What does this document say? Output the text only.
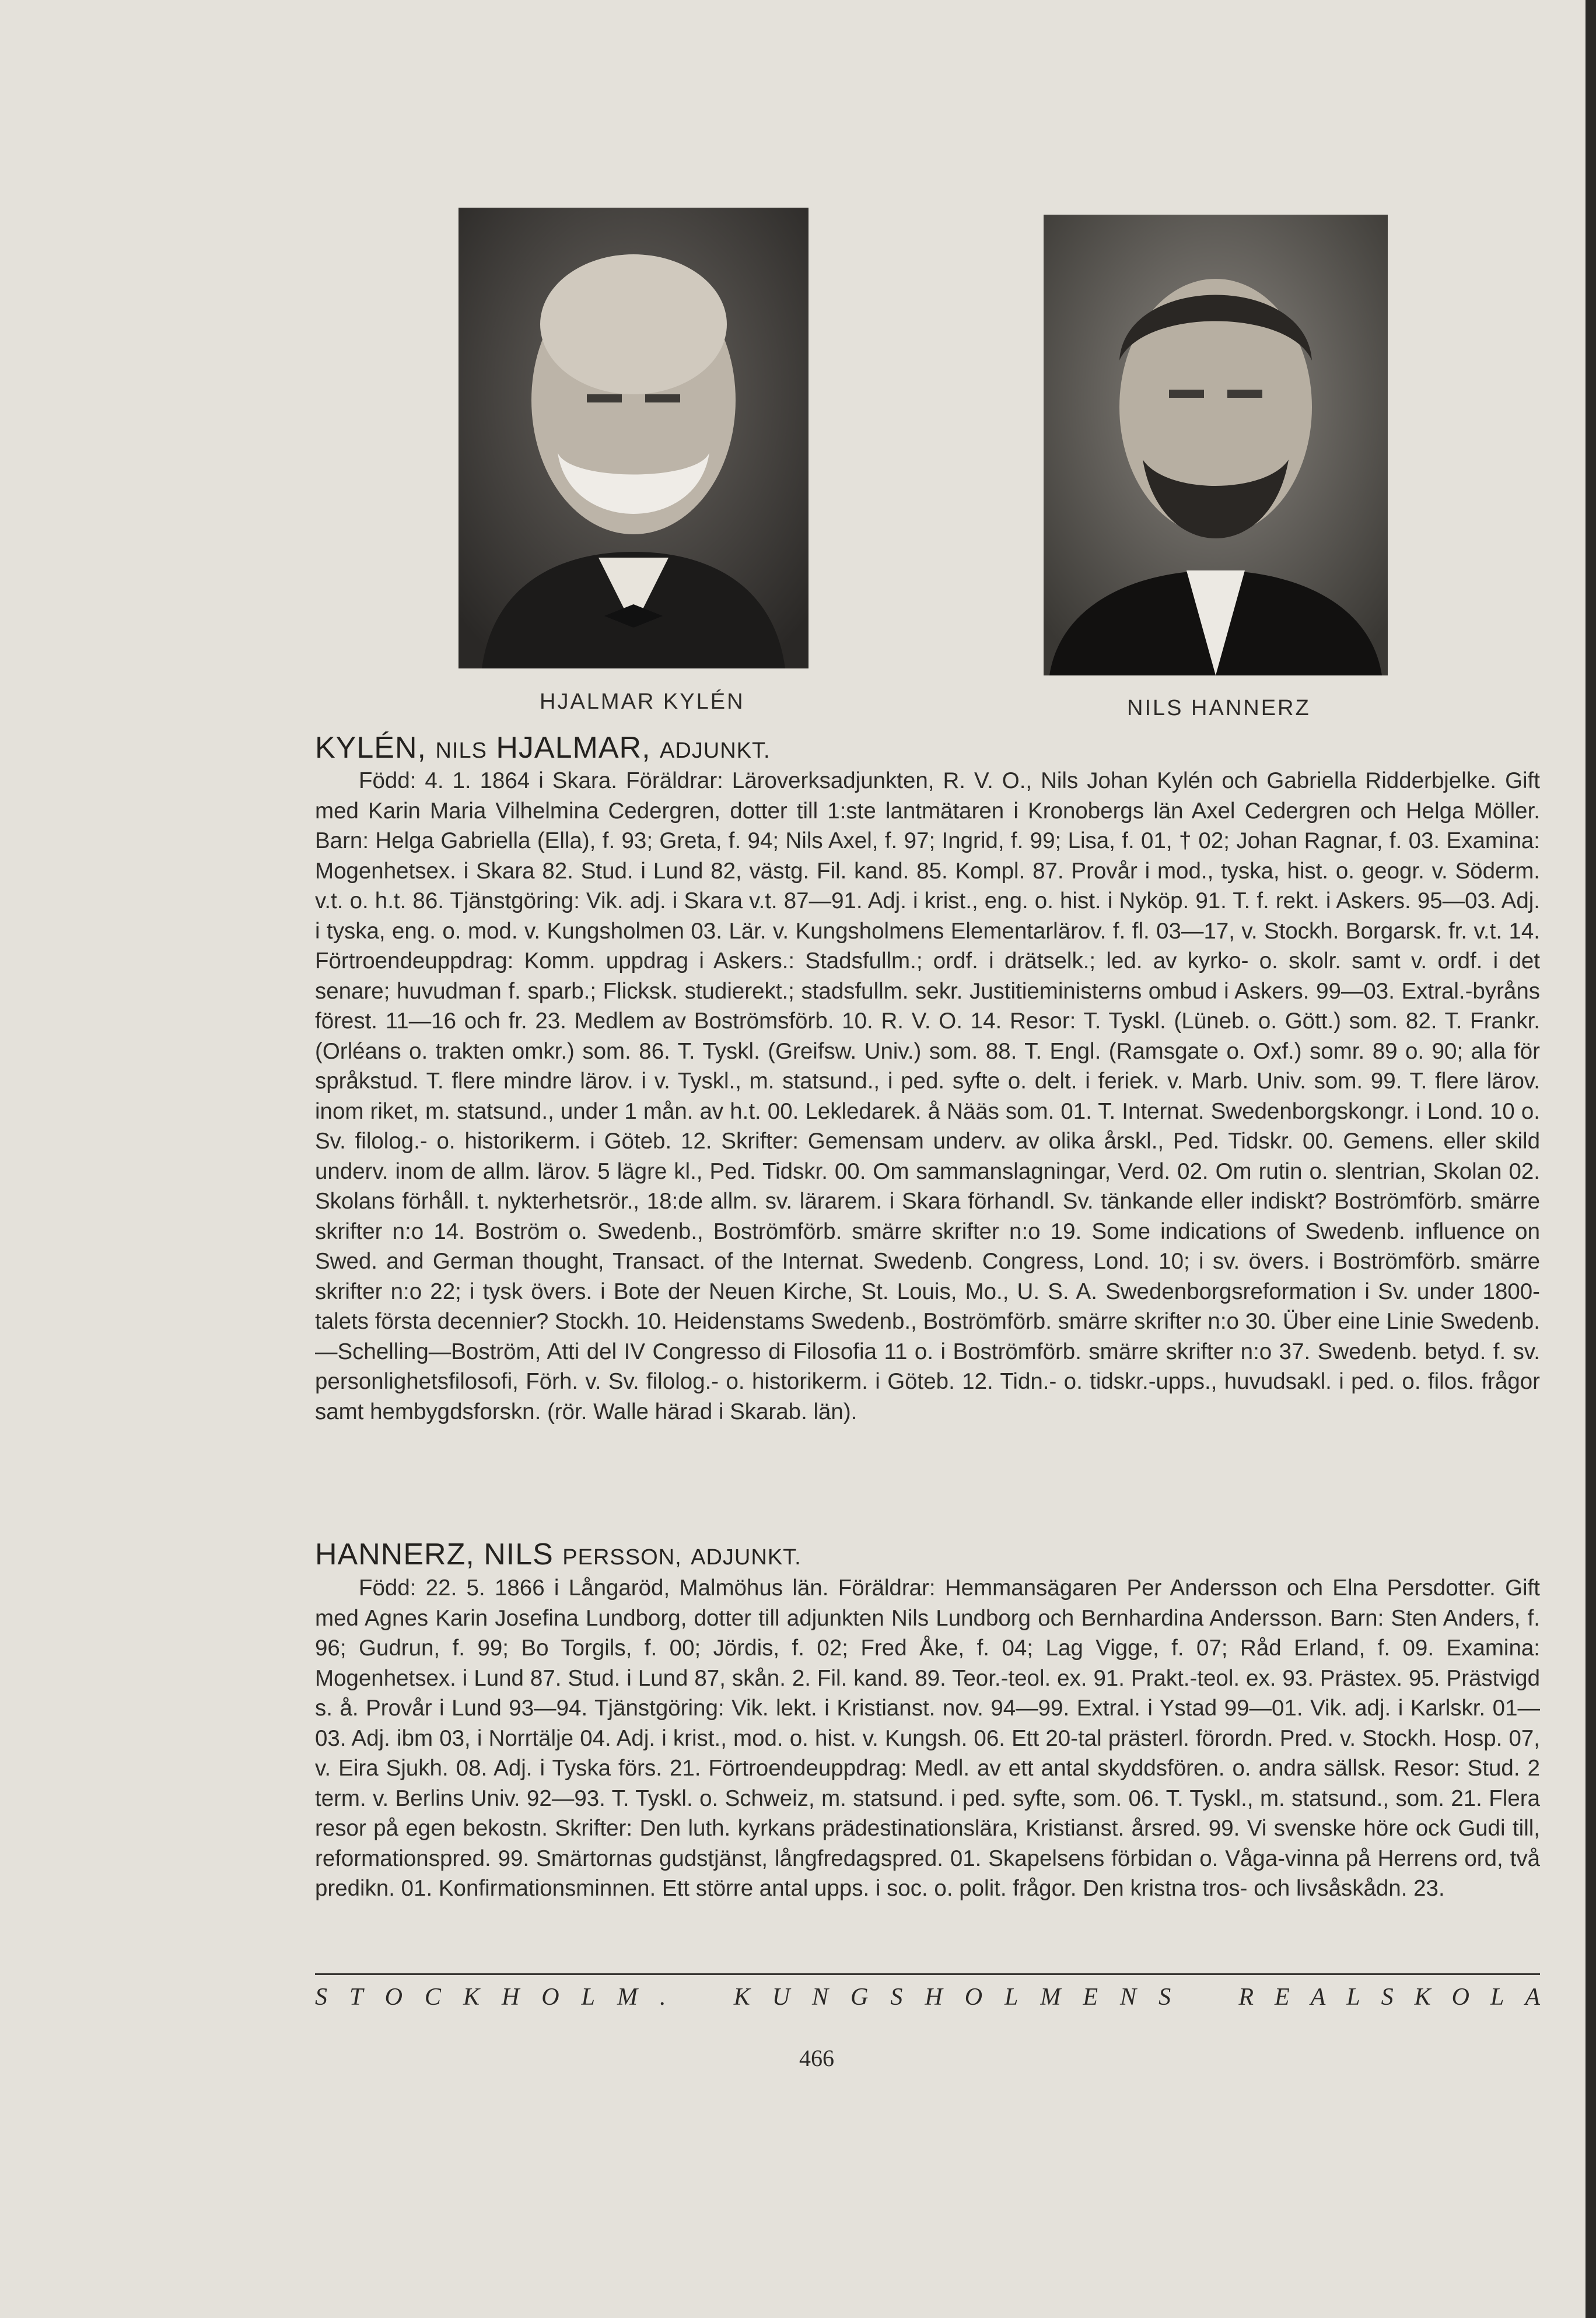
HJALMAR KYLÉN	NILS HANNERZ
KYLÉN, NILS HJALMAR, ADJUNKT.

Född: 4. 1. 1864 i Skara. Föräldrar: Läroverksadjunkten, R. V. O., Nils Johan Kylén och Gabriella Ridderbjelke. Gift med Karin Maria Vilhelmina Cedergren, dotter till 1:ste lantmätaren i Kronobergs län Axel Cedergren och Helga Möller. Barn: Helga Gabriella (Ella), f. 93; Greta, f. 94; Nils Axel, f. 97; Ingrid, f. 99; Lisa, f. 01, † 02; Johan Ragnar, f. 03. Examina: Mogenhetsex. i Skara 82. Stud. i Lund 82, västg. Fil. kand. 85. Kompl. 87. Provår i mod., tyska, hist. o. geogr. v. Söderm. v.t. o. h.t. 86. Tjänstgöring: Vik. adj. i Skara v.t. 87—91. Adj. i krist., eng. o. hist. i Nyköp. 91. T. f. rekt. i Askers. 95—03. Adj. i tyska, eng. o. mod. v. Kungsholmen 03. Lär. v. Kungsholmens Elementarlärov. f. fl. 03—17, v. Stockh. Borgarsk. fr. v.t. 14. Förtroendeuppdrag: Komm. uppdrag i Askers.: Stadsfullm.; ordf. i drätselk.; led. av kyrko- o. skolr. samt v. ordf. i det senare; huvudman f. sparb.; Flicksk. studierekt.; stadsfullm. sekr. Justitieministerns ombud i Askers. 99—03. Extral.-byråns förest. 11—16 och fr. 23. Medlem av Boströmsförb. 10. R. V. O. 14. Resor: T. Tyskl. (Lüneb. o. Gött.) som. 82. T. Frankr. (Orléans o. trakten omkr.) som. 86. T. Tyskl. (Greifsw. Univ.) som. 88. T. Engl. (Ramsgate o. Oxf.) somr. 89 o. 90; alla för språkstud. T. flere mindre lärov. i v. Tyskl., m. statsund., i ped. syfte o. delt. i feriek. v. Marb. Univ. som. 99. T. flere lärov. inom riket, m. statsund., under 1 mån. av h.t. 00. Lekledarek. å Nääs som. 01. T. Internat. Swedenborgskongr. i Lond. 10 o. Sv. filolog.- o. historikerm. i Göteb. 12. Skrifter: Gemensam underv. av olika årskl., Ped. Tidskr. 00. Gemens. eller skild underv. inom de allm. lärov. 5 lägre kl., Ped. Tidskr. 00. Om sammanslagningar, Verd. 02. Om rutin o. slentrian, Skolan 02. Skolans förhåll. t. nykterhetsrör., 18:de allm. sv. lärarem. i Skara förhandl. Sv. tänkande eller indiskt? Boströmförb. smärre skrifter n:o 14. Boström o. Swedenb., Boströmförb. smärre skrifter n:o 19. Some indications of Swedenb. influence on Swed. and German thought, Transact. of the Internat. Swedenb. Congress, Lond. 10; i sv. övers. i Boströmförb. smärre skrifter n:o 22; i tysk övers. i Bote der Neuen Kirche, St. Louis, Mo., U. S. A. Swedenborgsreformation i Sv. under 1800-talets första decennier? Stockh. 10. Heidenstams Swedenb., Boströmförb. smärre skrifter n:o 30. Über eine Linie Swedenb.—Schelling—Boström, Atti del IV Congresso di Filosofia 11 o. i Boströmförb. smärre skrifter n:o 37. Swedenb. betyd. f. sv. personlighetsfilosofi, Förh. v. Sv. filolog.- o. historikerm. i Göteb. 12. Tidn.- o. tidskr.-upps., huvudsakl. i ped. o. filos. frågor samt hembygdsforskn. (rör. Walle härad i Skarab. län).

HANNERZ, NILS PERSSON, ADJUNKT.

Född: 22. 5. 1866 i Långaröd, Malmöhus län. Föräldrar: Hemmansägaren Per Andersson och Elna Persdotter. Gift med Agnes Karin Josefina Lundborg, dotter till adjunkten Nils Lundborg och Bernhardina Andersson. Barn: Sten Anders, f. 96; Gudrun, f. 99; Bo Torgils, f. 00; Jördis, f. 02; Fred Åke, f. 04; Lag Vigge, f. 07; Råd Erland, f. 09. Examina: Mogenhetsex. i Lund 87. Stud. i Lund 87, skån. 2. Fil. kand. 89. Teor.-teol. ex. 91. Prakt.-teol. ex. 93. Prästex. 95. Prästvigd s. å. Provår i Lund 93—94. Tjänstgöring: Vik. lekt. i Kristianst. nov. 94—99. Extral. i Ystad 99—01. Vik. adj. i Karlskr. 01—03. Adj. ibm 03, i Norrtälje 04. Adj. i krist., mod. o. hist. v. Kungsh. 06. Ett 20-tal prästerl. förordn. Pred. v. Stockh. Hosp. 07, v. Eira Sjukh. 08. Adj. i Tyska förs. 21. Förtroendeuppdrag: Medl. av ett antal skyddsfören. o. andra sällsk. Resor: Stud. 2 term. v. Berlins Univ. 92—93. T. Tyskl. o. Schweiz, m. statsund. i ped. syfte, som. 06. T. Tyskl., m. statsund., som. 21. Flera resor på egen bekostn. Skrifter: Den luth. kyrkans prädestinationslära, Kristianst. årsred. 99. Vi svenske höre ock Gudi till, reformationspred. 99. Smärtornas gudstjänst, långfredagspred. 01. Skapelsens förbidan o. Våga-vinna på Herrens ord, två predikn. 01. Konfirmationsminnen. Ett större antal upps. i soc. o. polit. frågor. Den kristna tros- och livsåskådn. 23.

STOCKHOLM. KUNGSHOLMENS REALSKOLA
466
